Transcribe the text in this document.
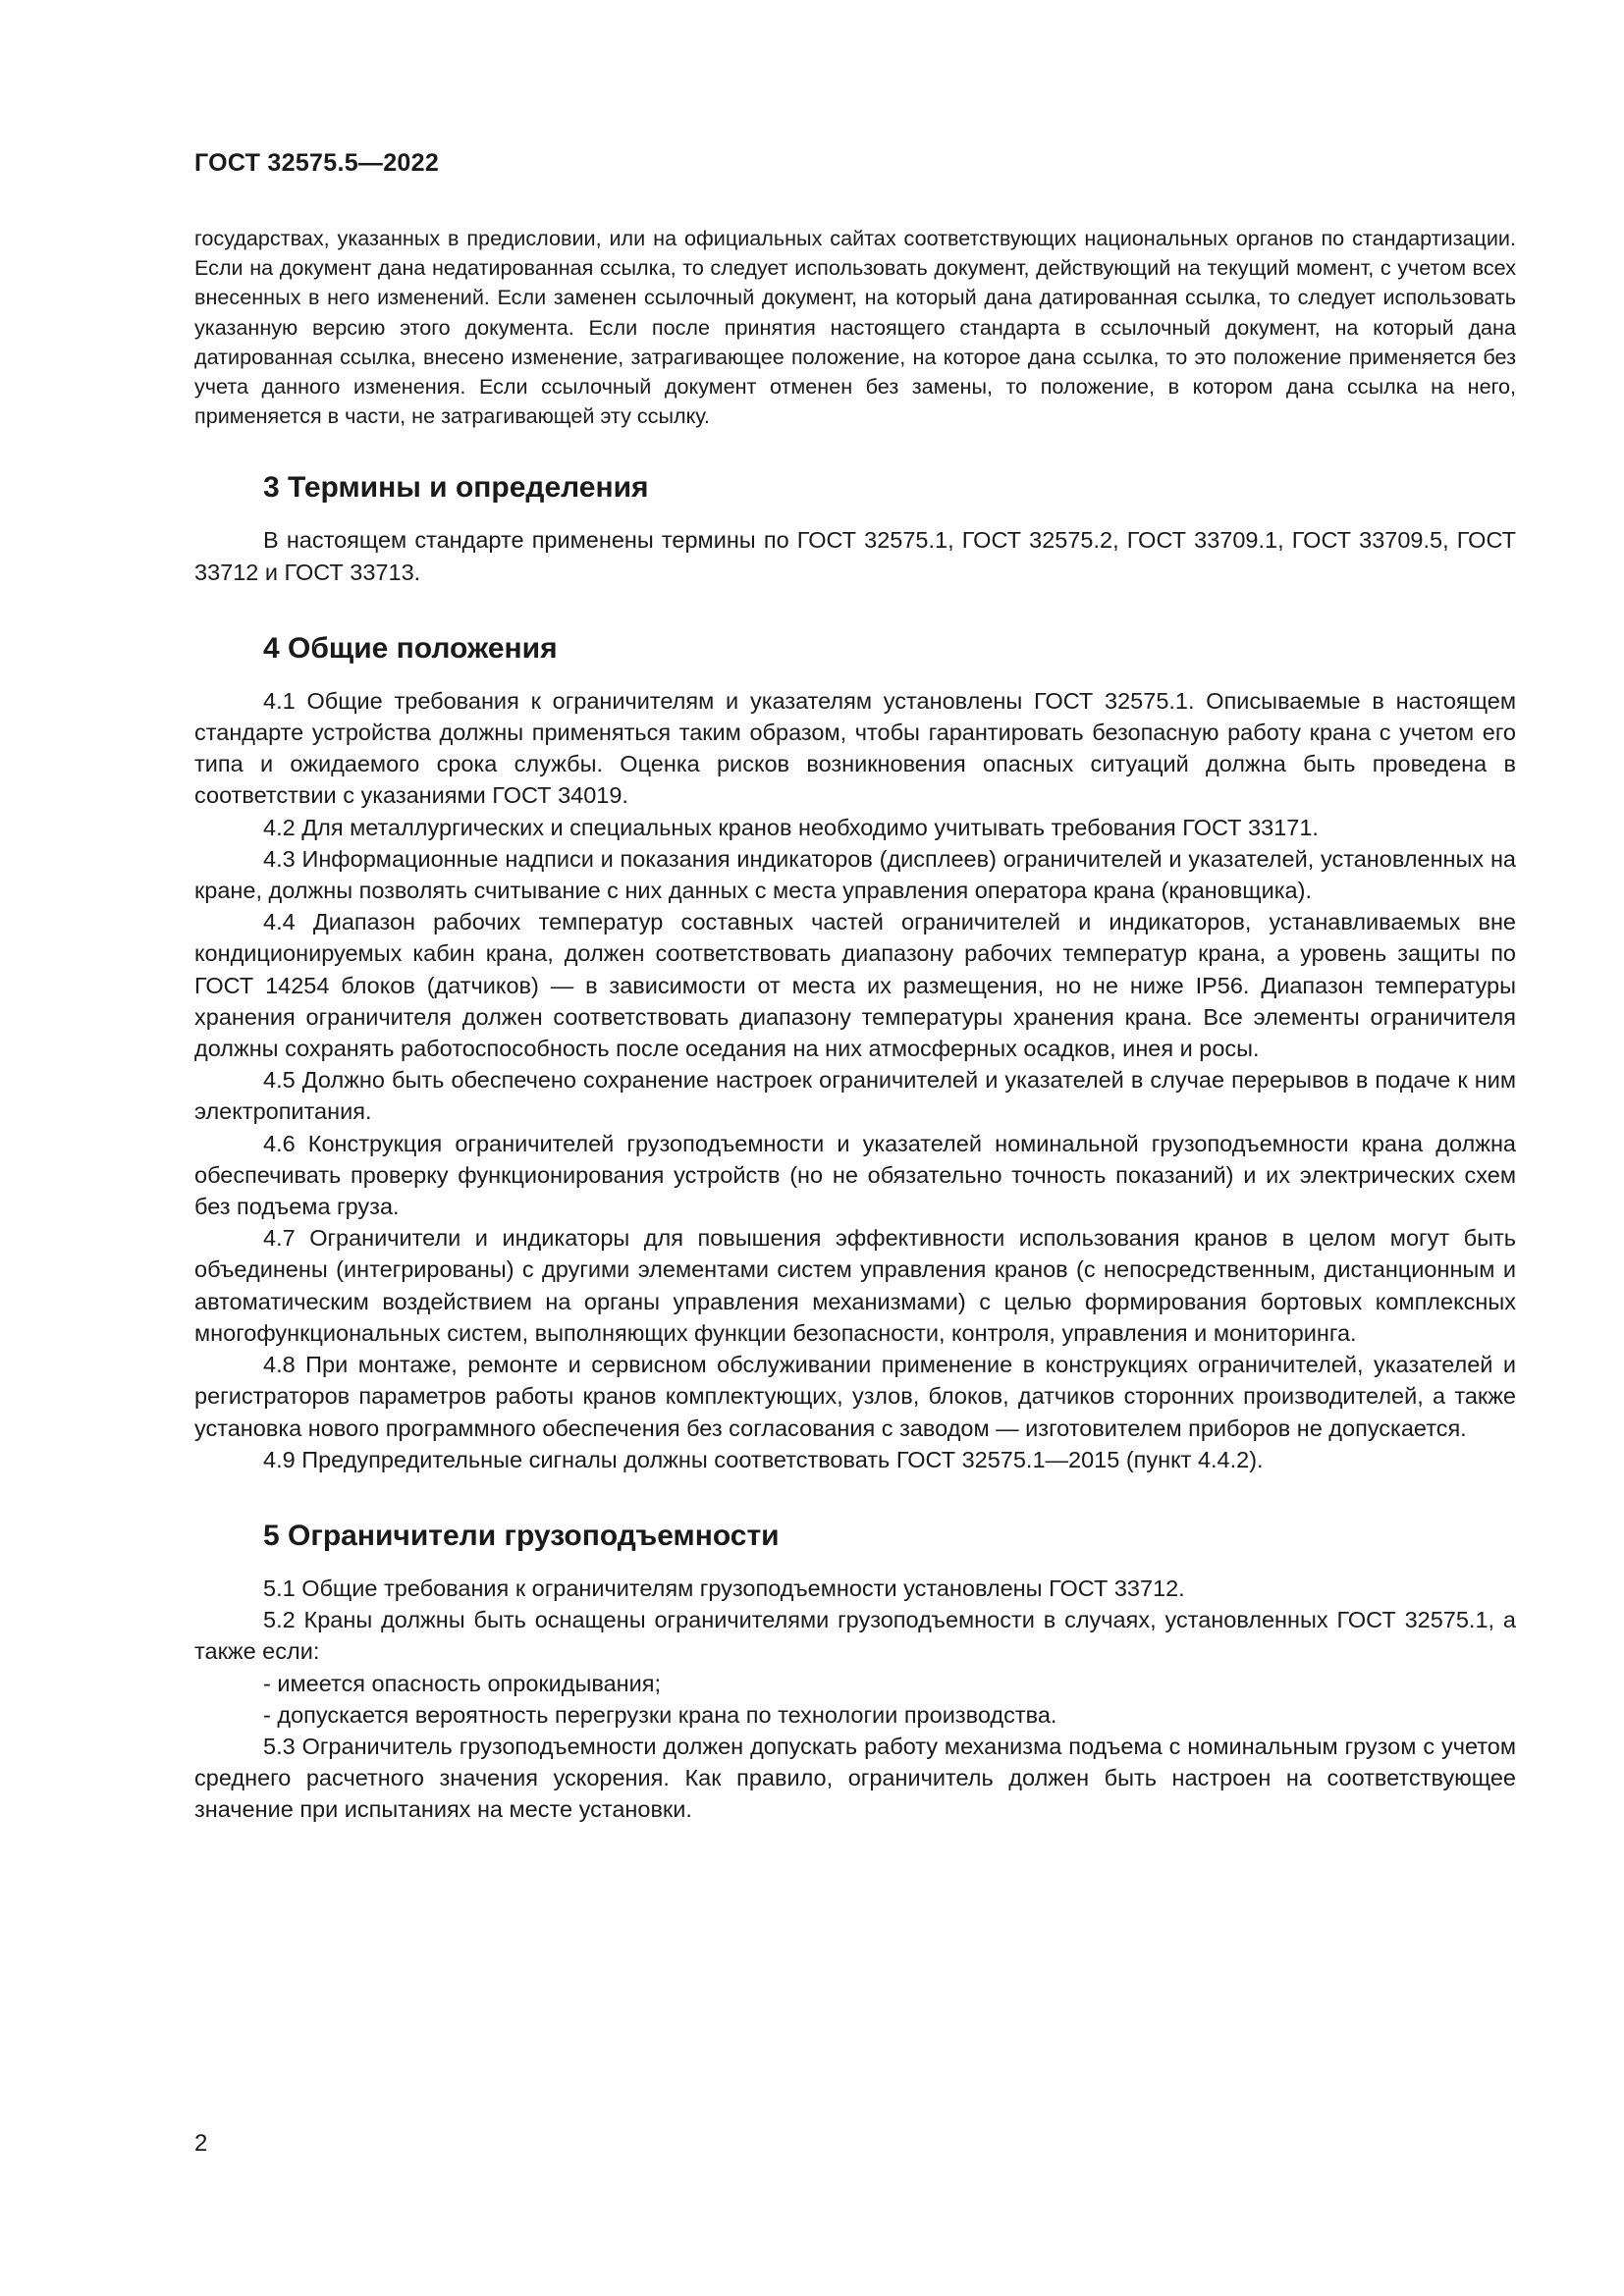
ГОСТ 32575.5—2022

государствах, указанных в предисловии, или на официальных сайтах соответствующих национальных органов по стандартизации. Если на документ дана недатированная ссылка, то следует использовать документ, действующий на текущий момент, с учетом всех внесенных в него изменений. Если заменен ссылочный документ, на который дана датированная ссылка, то следует использовать указанную версию этого документа. Если после принятия настоящего стандарта в ссылочный документ, на который дана датированная ссылка, внесено изменение, затрагивающее положение, на которое дана ссылка, то это положение применяется без учета данного изменения. Если ссылочный документ отменен без замены, то положение, в котором дана ссылка на него, применяется в части, не затрагивающей эту ссылку.

3 Термины и определения

В настоящем стандарте применены термины по ГОСТ 32575.1, ГОСТ 32575.2, ГОСТ 33709.1, ГОСТ 33709.5, ГОСТ 33712 и ГОСТ 33713.

4 Общие положения

4.1 Общие требования к ограничителям и указателям установлены ГОСТ 32575.1. Описываемые в настоящем стандарте устройства должны применяться таким образом, чтобы гарантировать безопасную работу крана с учетом его типа и ожидаемого срока службы. Оценка рисков возникновения опасных ситуаций должна быть проведена в соответствии с указаниями ГОСТ 34019.

4.2 Для металлургических и специальных кранов необходимо учитывать требования ГОСТ 33171.

4.3 Информационные надписи и показания индикаторов (дисплеев) ограничителей и указателей, установленных на кране, должны позволять считывание с них данных с места управления оператора крана (крановщика).

4.4 Диапазон рабочих температур составных частей ограничителей и индикаторов, устанавливаемых вне кондиционируемых кабин крана, должен соответствовать диапазону рабочих температур крана, а уровень защиты по ГОСТ 14254 блоков (датчиков) — в зависимости от места их размещения, но не ниже IP56. Диапазон температуры хранения ограничителя должен соответствовать диапазону температуры хранения крана. Все элементы ограничителя должны сохранять работоспособность после оседания на них атмосферных осадков, инея и росы.

4.5 Должно быть обеспечено сохранение настроек ограничителей и указателей в случае перерывов в подаче к ним электропитания.

4.6 Конструкция ограничителей грузоподъемности и указателей номинальной грузоподъемности крана должна обеспечивать проверку функционирования устройств (но не обязательно точность показаний) и их электрических схем без подъема груза.

4.7 Ограничители и индикаторы для повышения эффективности использования кранов в целом могут быть объединены (интегрированы) с другими элементами систем управления кранов (с непосредственным, дистанционным и автоматическим воздействием на органы управления механизмами) с целью формирования бортовых комплексных многофункциональных систем, выполняющих функции безопасности, контроля, управления и мониторинга.

4.8 При монтаже, ремонте и сервисном обслуживании применение в конструкциях ограничителей, указателей и регистраторов параметров работы кранов комплектующих, узлов, блоков, датчиков сторонних производителей, а также установка нового программного обеспечения без согласования с заводом — изготовителем приборов не допускается.

4.9 Предупредительные сигналы должны соответствовать ГОСТ 32575.1—2015 (пункт 4.4.2).

5 Ограничители грузоподъемности

5.1 Общие требования к ограничителям грузоподъемности установлены ГОСТ 33712.

5.2 Краны должны быть оснащены ограничителями грузоподъемности в случаях, установленных ГОСТ 32575.1, а также если:

- имеется опасность опрокидывания;

- допускается вероятность перегрузки крана по технологии производства.

5.3 Ограничитель грузоподъемности должен допускать работу механизма подъема с номинальным грузом с учетом среднего расчетного значения ускорения. Как правило, ограничитель должен быть настроен на соответствующее значение при испытаниях на месте установки.

2
